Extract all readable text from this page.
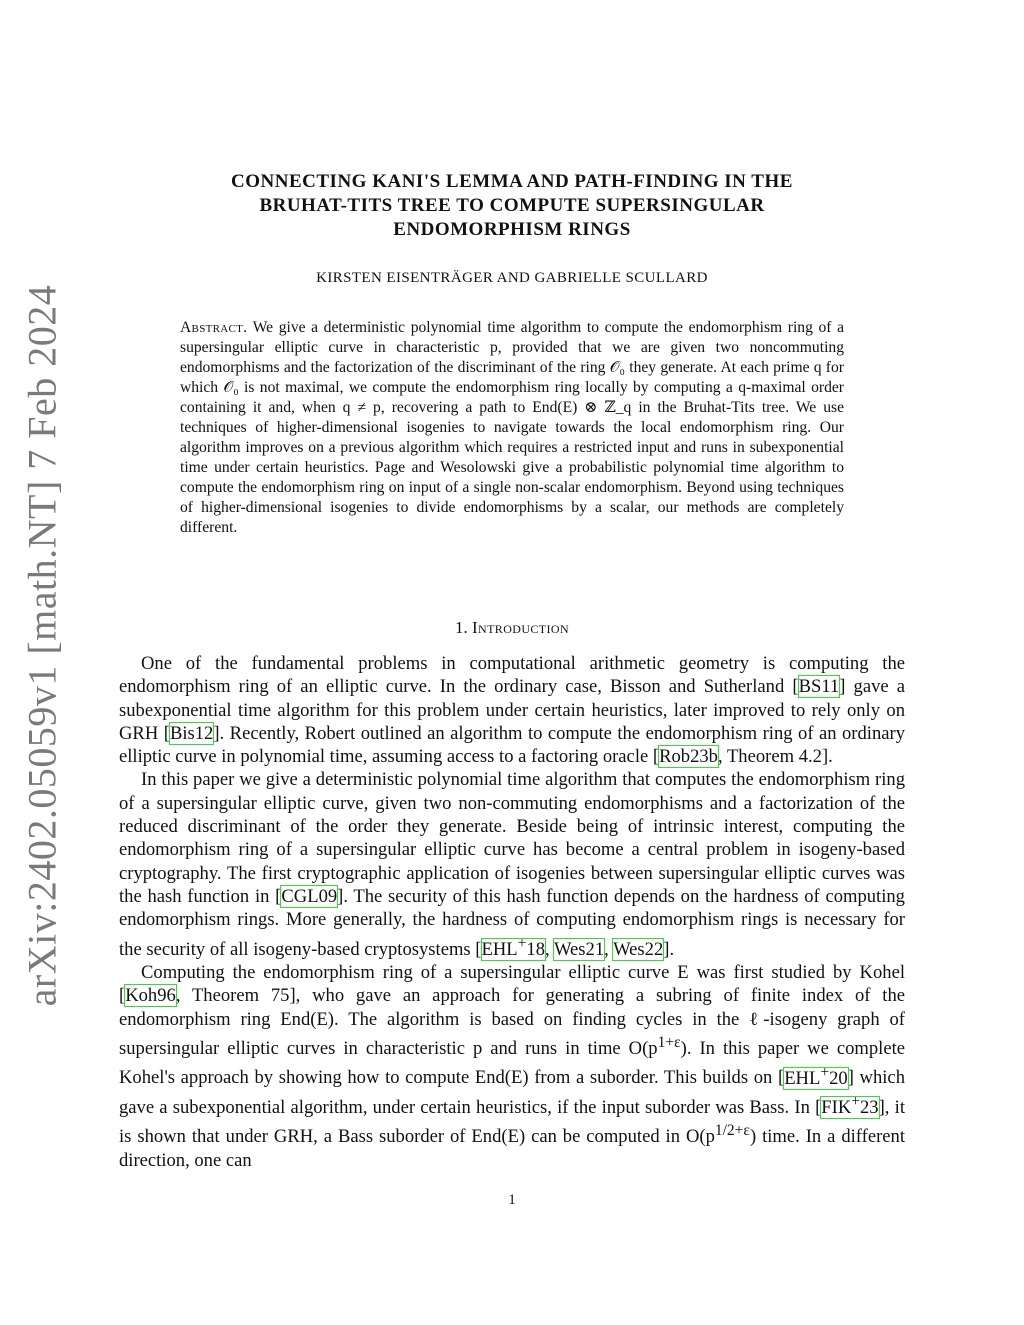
arXiv:2402.05059v1 [math.NT] 7 Feb 2024
CONNECTING KANI'S LEMMA AND PATH-FINDING IN THE
BRUHAT-TITS TREE TO COMPUTE SUPERSINGULAR
ENDOMORPHISM RINGS
KIRSTEN EISENTRÄGER AND GABRIELLE SCULLARD
Abstract. We give a deterministic polynomial time algorithm to compute the endomorphism ring of a supersingular elliptic curve in characteristic p, provided that we are given two noncommuting endomorphisms and the factorization of the discriminant of the ring 𝒪₀ they generate. At each prime q for which 𝒪₀ is not maximal, we compute the endomorphism ring locally by computing a q-maximal order containing it and, when q ≠ p, recovering a path to End(E) ⊗ ℤ_q in the Bruhat-Tits tree. We use techniques of higher-dimensional isogenies to navigate towards the local endomorphism ring. Our algorithm improves on a previous algorithm which requires a restricted input and runs in subexponential time under certain heuristics. Page and Wesolowski give a probabilistic polynomial time algorithm to compute the endomorphism ring on input of a single non-scalar endomorphism. Beyond using techniques of higher-dimensional isogenies to divide endomorphisms by a scalar, our methods are completely different.
1. Introduction

One of the fundamental problems in computational arithmetic geometry is computing the endomorphism ring of an elliptic curve. In the ordinary case, Bisson and Sutherland [BS11] gave a subexponential time algorithm for this problem under certain heuristics, later improved to rely only on GRH [Bis12]. Recently, Robert outlined an algorithm to compute the endomorphism ring of an ordinary elliptic curve in polynomial time, assuming access to a factoring oracle [Rob23b, Theorem 4.2].

In this paper we give a deterministic polynomial time algorithm that computes the endomorphism ring of a supersingular elliptic curve, given two non-commuting endomorphisms and a factorization of the reduced discriminant of the order they generate. Beside being of intrinsic interest, computing the endomorphism ring of a supersingular elliptic curve has become a central problem in isogeny-based cryptography. The first cryptographic application of isogenies between supersingular elliptic curves was the hash function in [CGL09]. The security of this hash function depends on the hardness of computing endomorphism rings. More generally, the hardness of computing endomorphism rings is necessary for the security of all isogeny-based cryptosystems [EHL+18, Wes21, Wes22].

Computing the endomorphism ring of a supersingular elliptic curve E was first studied by Kohel [Koh96, Theorem 75], who gave an approach for generating a subring of finite index of the endomorphism ring End(E). The algorithm is based on finding cycles in the ℓ-isogeny graph of supersingular elliptic curves in characteristic p and runs in time $O(p^{1+\varepsilon})$. In this paper we complete Kohel's approach by showing how to compute End(E) from a suborder. This builds on [EHL+20] which gave a subexponential algorithm, under certain heuristics, if the input suborder was Bass. In [FIK+23], it is shown that under GRH, a Bass suborder of End(E) can be computed in $O(p^{1/2+\varepsilon})$ time. In a different direction, one can

1
